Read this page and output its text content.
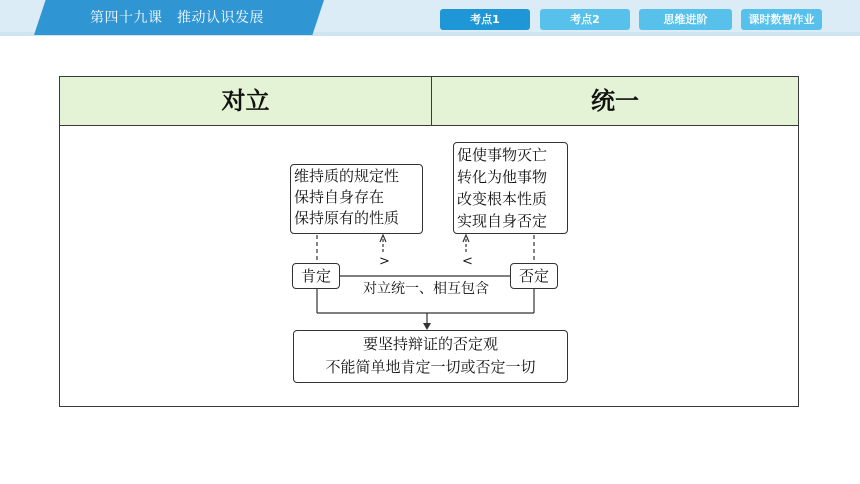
第四十九课　推动认识发展	考点1	考点2	思维进阶	课时数智作业
对立	统一
维持质的规定性
保持自身存在
保持原有的性质
促使事物灭亡
转化为他事物
改变根本性质
实现自身否定
>	<
肯定	否定
对立统一、相互包含
要坚持辩证的否定观
不能简单地肯定一切或否定一切
